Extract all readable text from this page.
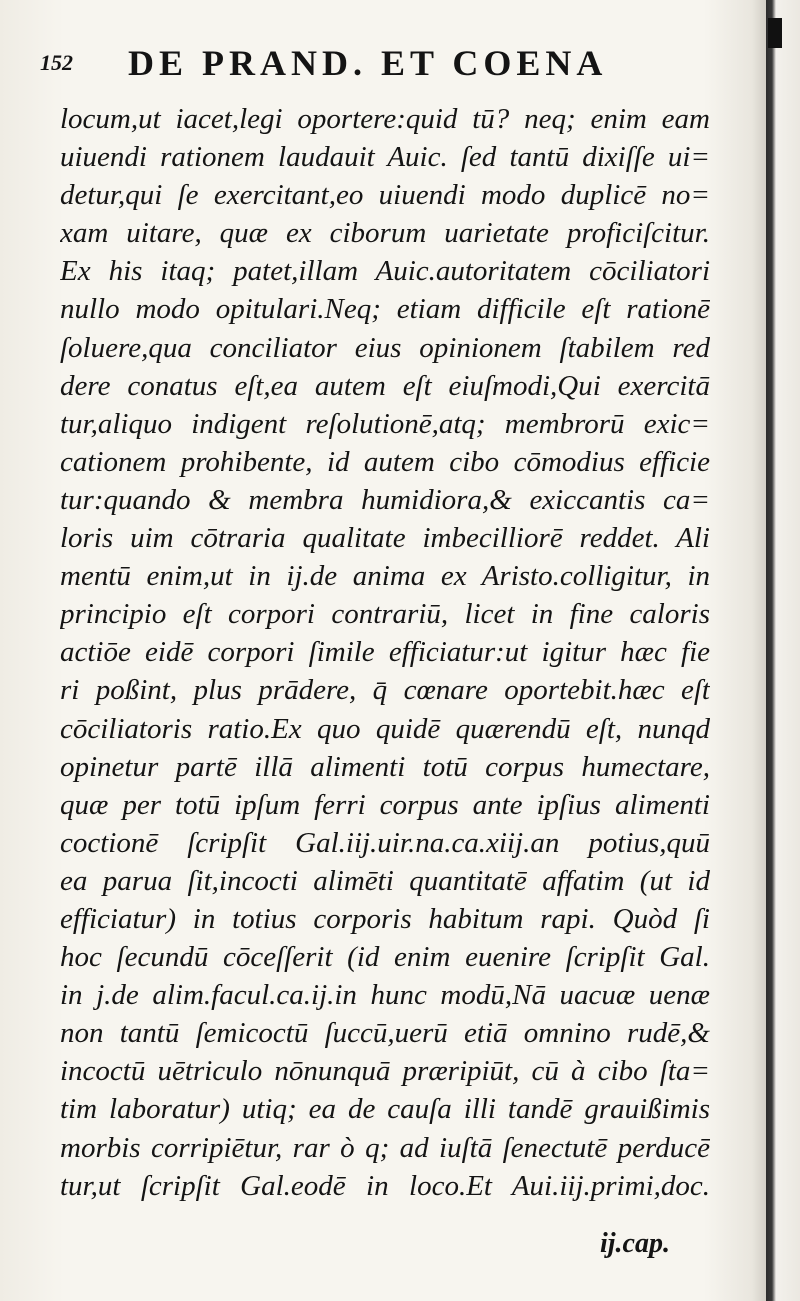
152 DE PRAND. ET COENA
locum,ut iacet,legi oportere:quid tū? neq; enim eam
uiuendi rationem laudauit Auic. ſed tantū dixiſſe ui=
detur,qui ſe exercitant,eo uiuendi modo duplicē no=
xam uitare, quæ ex ciborum uarietate proficiſcitur.
Ex his itaq; patet,illam Auic.autoritatem cōciliatori
nullo modo opitulari.Neq; etiam difficile eſt rationē
ſoluere,qua conciliator eius opinionem ſtabilem red
dere conatus eſt,ea autem eſt eiuſmodi,Qui exercitā
tur,aliquo indigent reſolutionē,atq; membrorū exic=
cationem prohibente, id autem cibo cōmodius efficie
tur:quando & membra humidiora,& exiccantis ca=
loris uim cōtraria qualitate imbecilliorē reddet. Ali
mentū enim,ut in ij.de anima ex Aristo.colligitur, in
principio eſt corpori contrariū, licet in fine caloris
actiōe eidē corpori ſimile efficiatur:ut igitur hæc fie
ri poßint, plus prādere, q̄ cœnare oportebit.hæc eſt
cōciliatoris ratio.Ex quo quidē quærendū eſt, nunqd
opinetur partē illā alimenti totū corpus humectare,
quæ per totū ipſum ferri corpus ante ipſius alimenti
coctionē ſcripſit Gal.iij.uir.na.ca.xiij.an potius,quū
ea parua ſit,incocti alimēti quantitatē affatim (ut id
efficiatur) in totius corporis habitum rapi. Quòd ſi
hoc ſecundū cōceſſerit (id enim euenire ſcripſit Gal.
in j.de alim.facul.ca.ij.in hunc modū,Nā uacuæ uenæ
non tantū ſemicoctū ſuccū,uerū etiā omnino rudē,&
incoctū uētriculo nōnunquā præripiūt, cū à cibo ſta=
tim laboratur) utiq; ea de cauſa illi tandē grauißimis
morbis corripiētur, rar ò q; ad iuſtā ſenectutē perducē
tur,ut ſcripſit Gal.eodē in loco.Et Aui.iij.primi,doc.
ij.cap.
